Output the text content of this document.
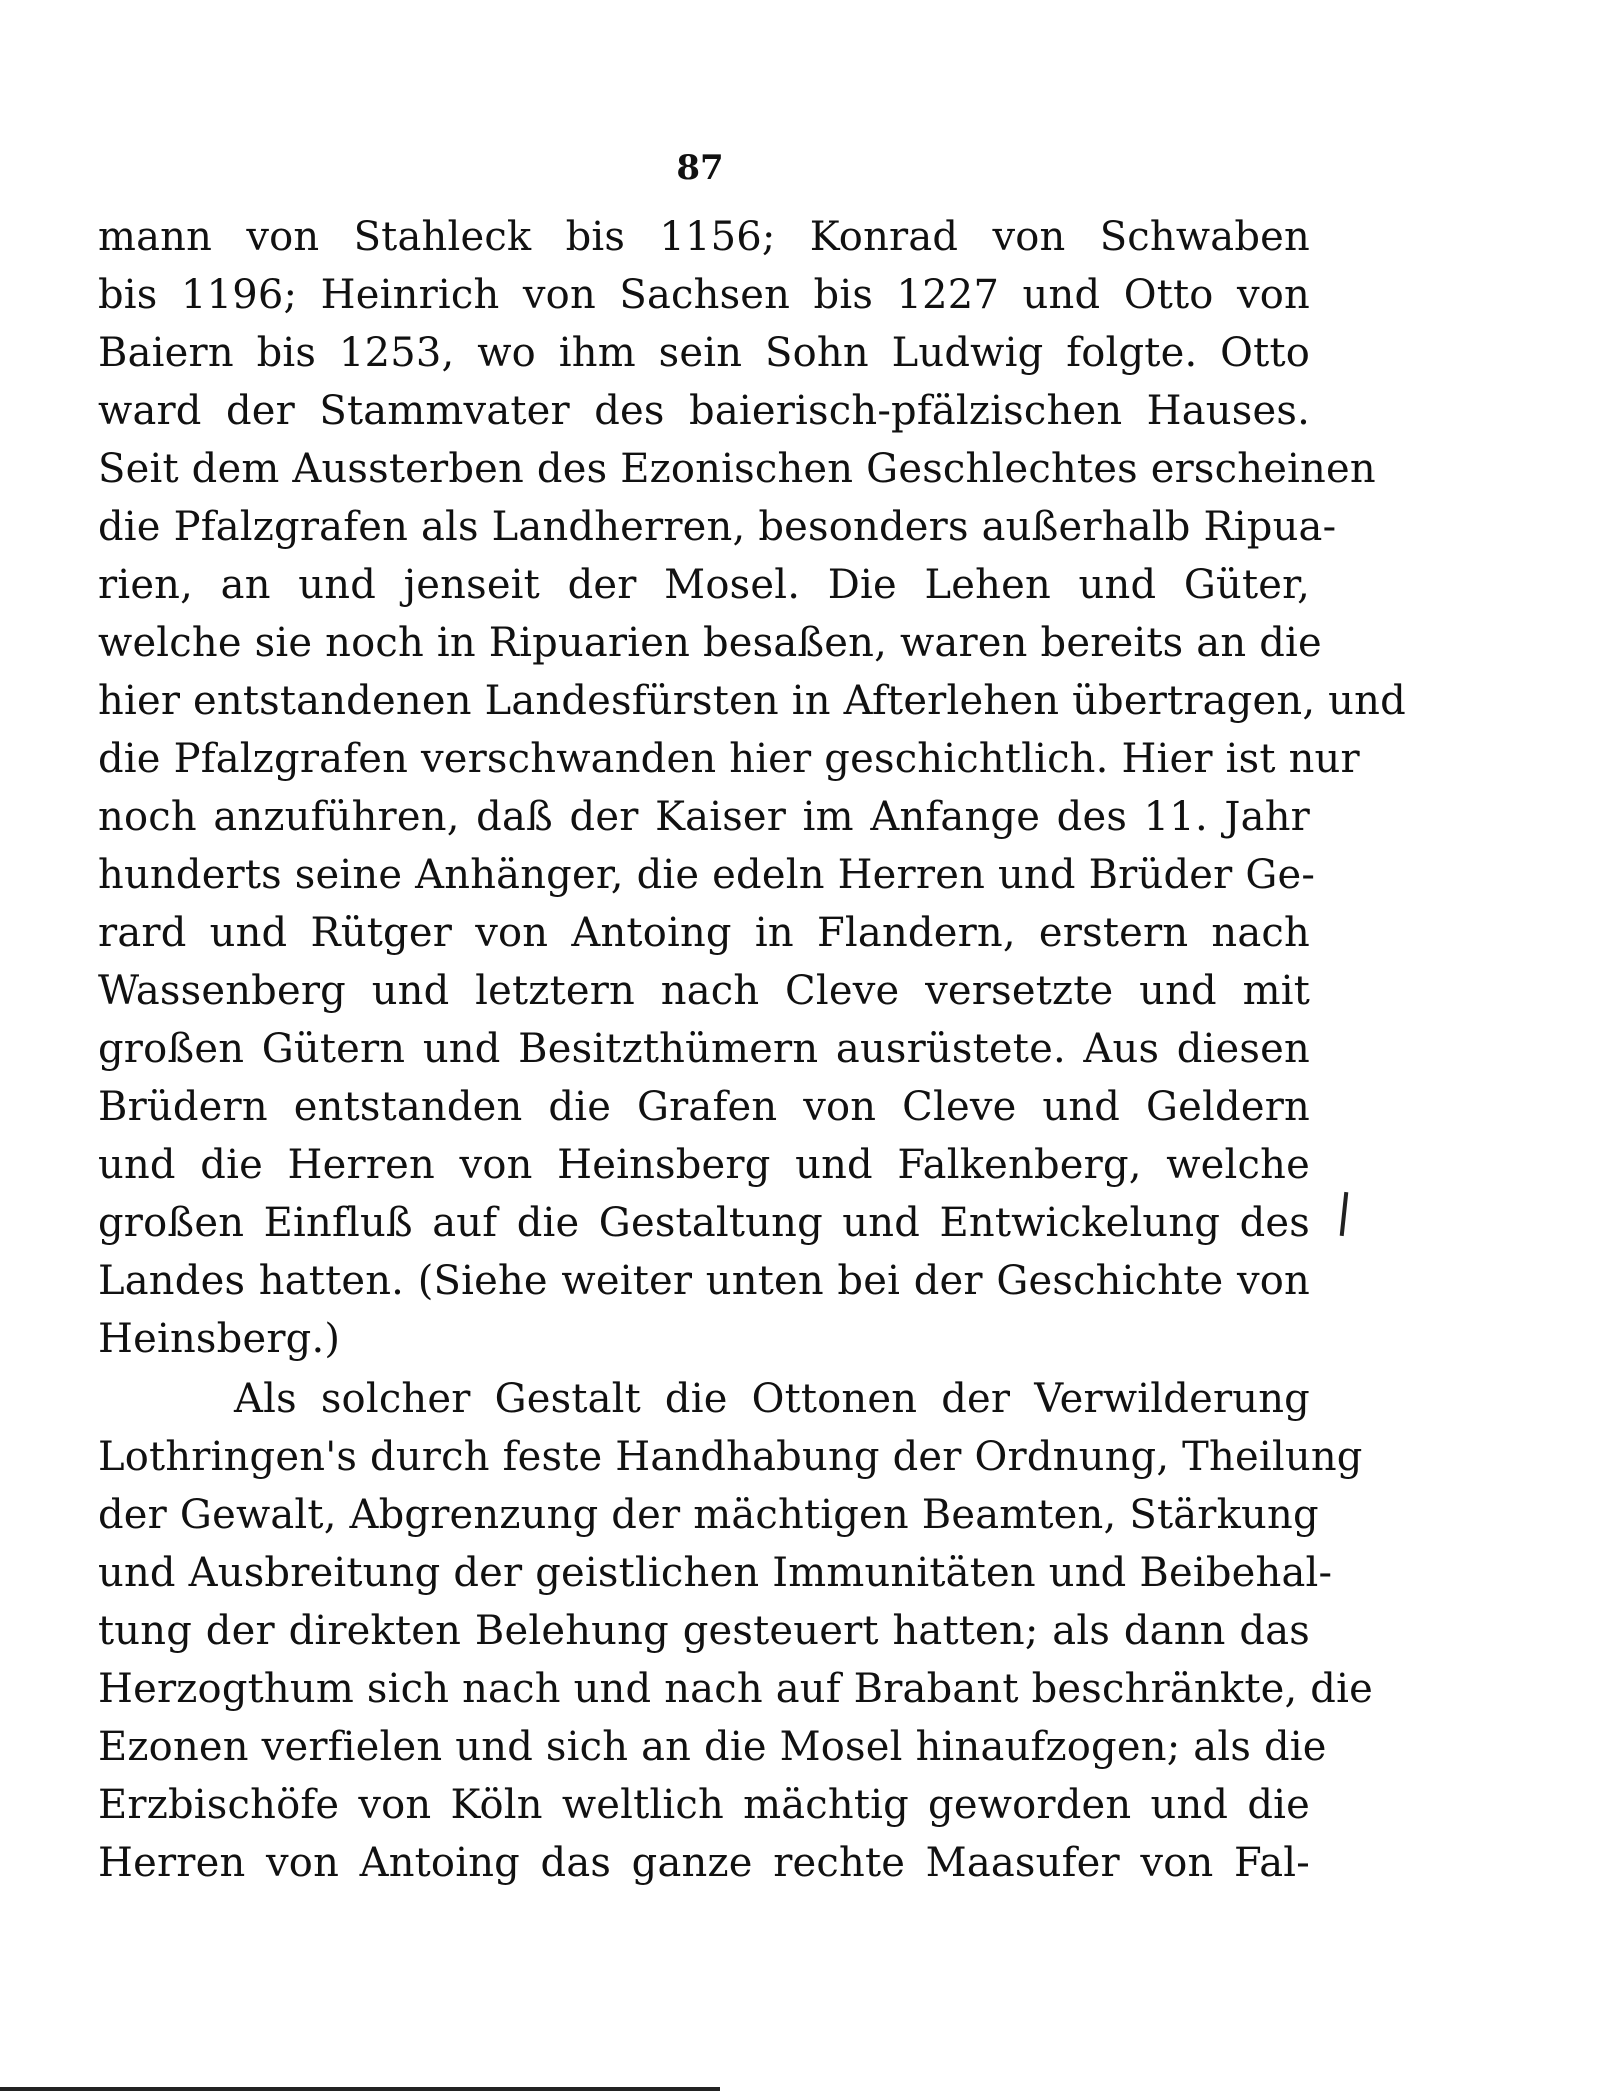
87
mann von Stahleck bis 1156; Konrad von Schwaben
bis 1196; Heinrich von Sachsen bis 1227 und Otto von
Baiern bis 1253, wo ihm sein Sohn Ludwig folgte. Otto
ward der Stammvater des baierisch-pfälzischen Hauses.
Seit dem Aussterben des Ezonischen Geschlechtes erscheinen
die Pfalzgrafen als Landherren, besonders außerhalb Ripua-
rien, an und jenseit der Mosel. Die Lehen und Güter,
welche sie noch in Ripuarien besaßen, waren bereits an die
hier entstandenen Landesfürsten in Afterlehen übertragen, und
die Pfalzgrafen verschwanden hier geschichtlich. Hier ist nur
noch anzuführen, daß der Kaiser im Anfange des 11. Jahr
hunderts seine Anhänger, die edeln Herren und Brüder Ge-
rard und Rütger von Antoing in Flandern, erstern nach
Wassenberg und letztern nach Cleve versetzte und mit
großen Gütern und Besitzthümern ausrüstete. Aus diesen
Brüdern entstanden die Grafen von Cleve und Geldern
und die Herren von Heinsberg und Falkenberg, welche
großen Einfluß auf die Gestaltung und Entwickelung des
Landes hatten. (Siehe weiter unten bei der Geschichte von
Heinsberg.)
Als solcher Gestalt die Ottonen der Verwilderung
Lothringen's durch feste Handhabung der Ordnung, Theilung
der Gewalt, Abgrenzung der mächtigen Beamten, Stärkung
und Ausbreitung der geistlichen Immunitäten und Beibehal-
tung der direkten Belehung gesteuert hatten; als dann das
Herzogthum sich nach und nach auf Brabant beschränkte, die
Ezonen verfielen und sich an die Mosel hinaufzogen; als die
Erzbischöfe von Köln weltlich mächtig geworden und die
Herren von Antoing das ganze rechte Maasufer von Fal-
